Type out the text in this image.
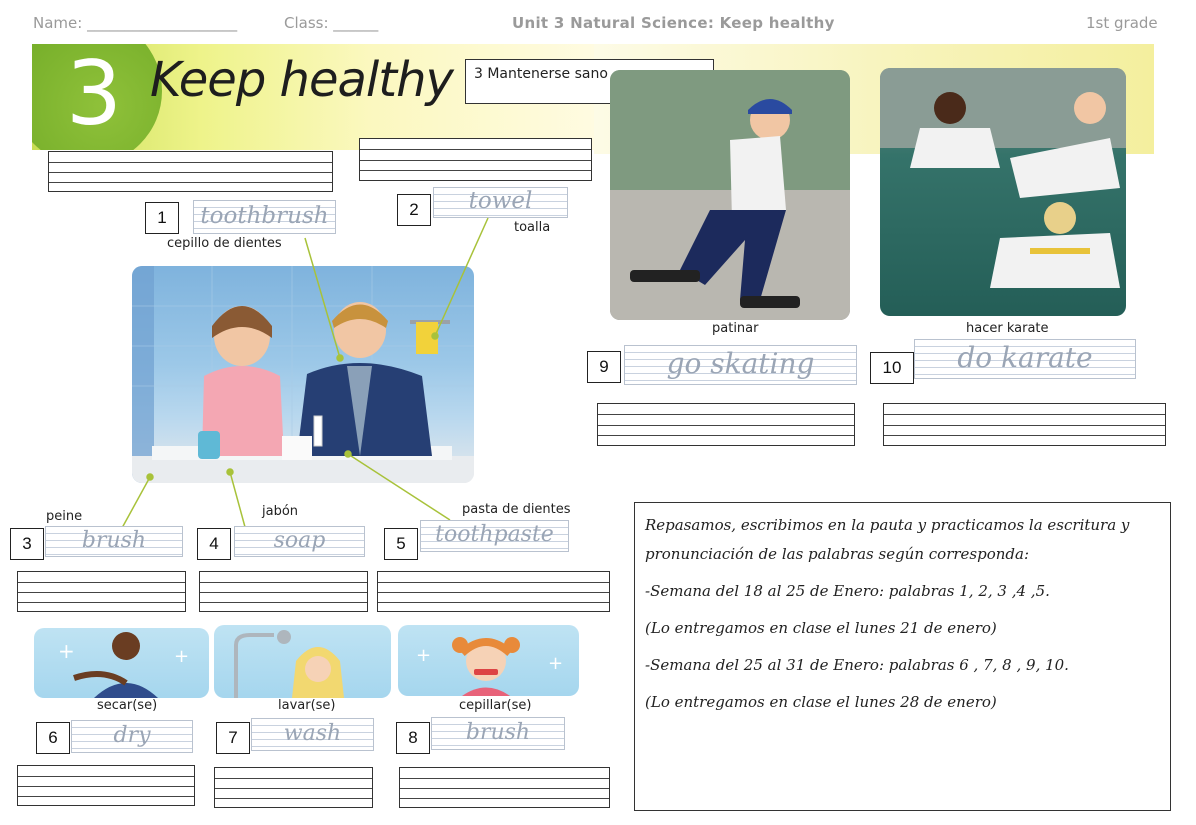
Name: ____________________	Class: ______	Unit 3 Natural Science: Keep healthy	1st grade
3 Keep healthy	3 Mantenerse sano
1	toothbrush
cepillo de dientes
2	towel
toalla
peine
3	brush
jabón
4	soap
pasta de dientes
5	toothpaste
+	+	+	+
secar(se)	lavar(se)	cepillar(se)
6	dry	7	wash	8	brush
patinar	hacer karate
9	go skating	10	do karate

Repasamos, escribimos en la pauta y practicamos la escritura y pronunciación de las palabras según corresponda:

-Semana del 18 al 25 de Enero: palabras 1, 2, 3 ,4 ,5.

(Lo entregamos en clase el lunes 21 de enero)

-Semana del 25 al 31 de Enero: palabras 6 , 7, 8 , 9, 10.

(Lo entregamos en clase el lunes 28 de enero)
